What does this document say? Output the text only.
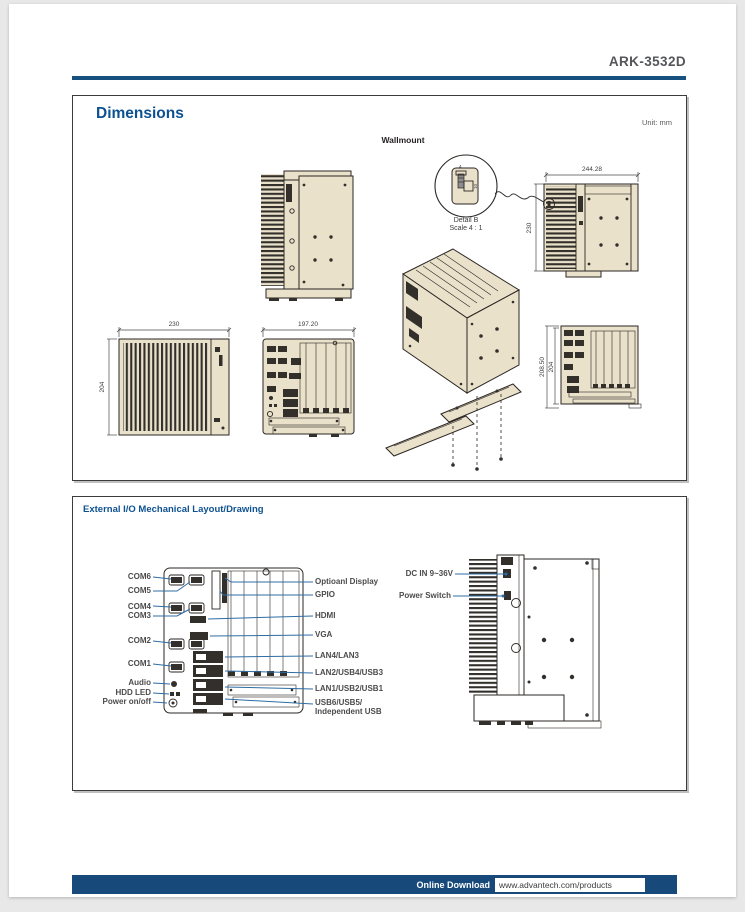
ARK-3532D
Dimensions
Unit: mm
Wallmount
4
10
Detail B
Scale 4 : 1
244.28
230
230
204
197.20
208.50 204
External I/O Mechanical Layout/Drawing
COM6
COM5
COM4
COM3
COM2
COM1
Audio
HDD LED
Power on/off
Optioanl Display
GPIO
HDMI
VGA
LAN4/LAN3
LAN2/USB4/USB3
LAN1/USB2/USB1
USB6/USB5/
Independent USB
DC IN 9~36V
Power Switch
Online Download	www.advantech.com/products
